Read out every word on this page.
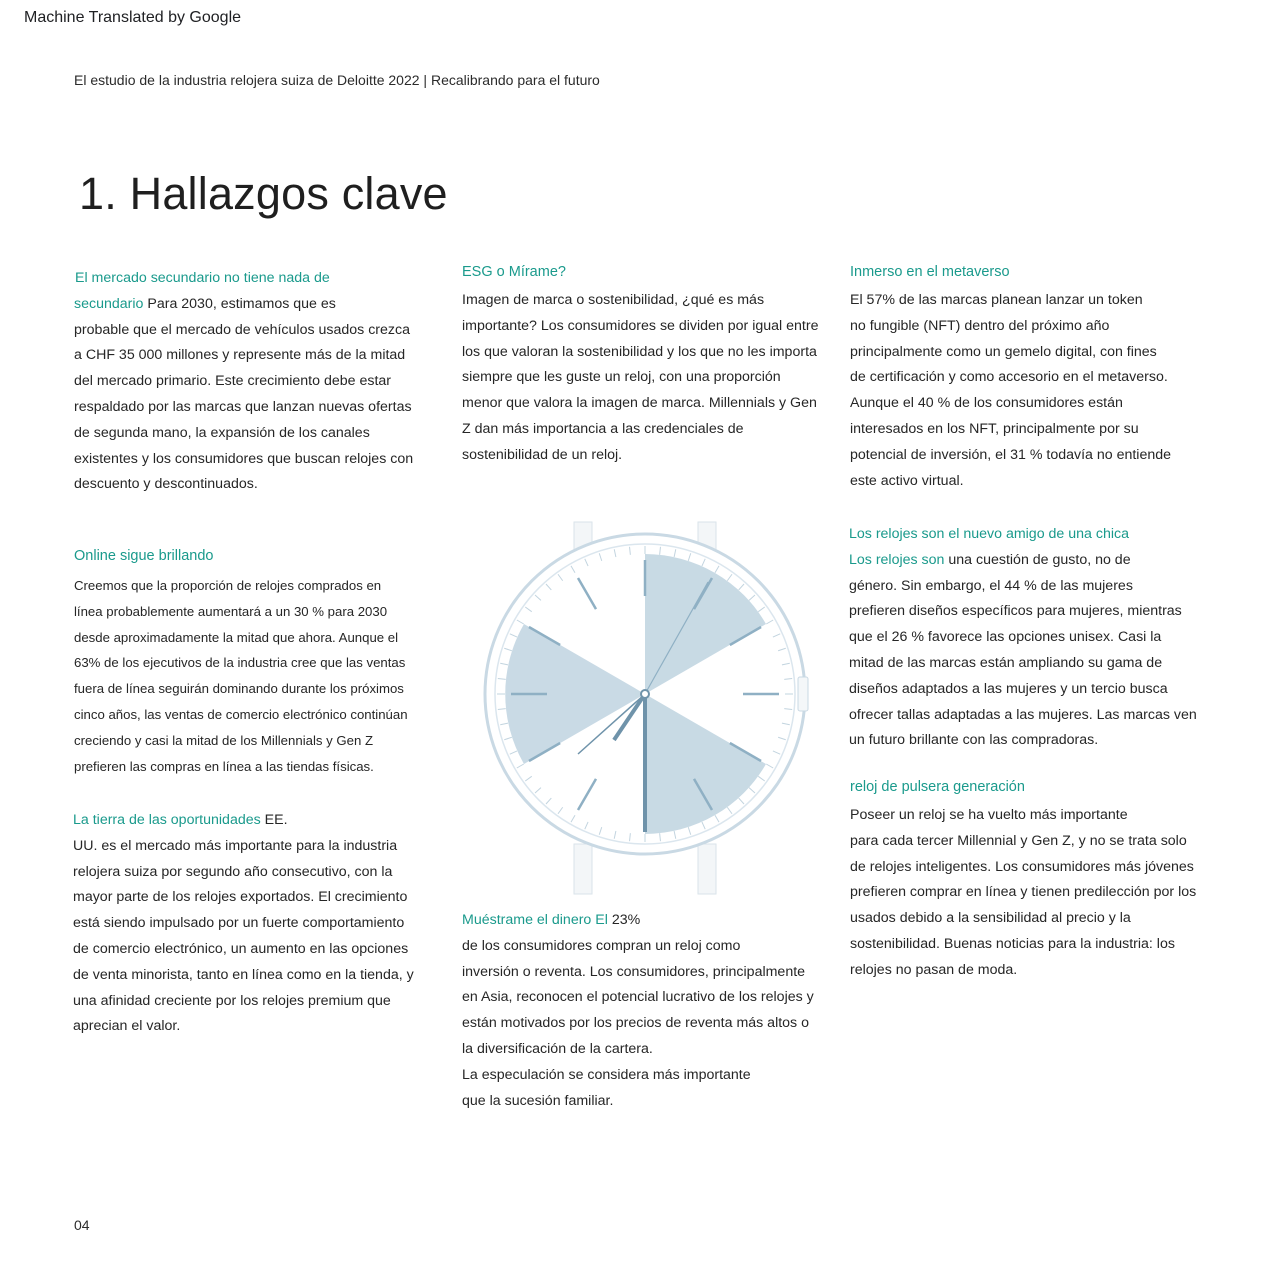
Machine Translated by Google
El estudio de la industria relojera suiza de Deloitte 2022 | Recalibrando para el futuro
1. Hallazgos clave
El mercado secundario no tiene nada de
secundario Para 2030, estimamos que es
probable que el mercado de vehículos usados crezca
a CHF 35 000 millones y represente más de la mitad
del mercado primario. Este crecimiento debe estar
respaldado por las marcas que lanzan nuevas ofertas
de segunda mano, la expansión de los canales
existentes y los consumidores que buscan relojes con
descuento y descontinuados.
Online sigue brillando
Creemos que la proporción de relojes comprados en
línea probablemente aumentará a un 30 % para 2030
desde aproximadamente la mitad que ahora. Aunque el
63% de los ejecutivos de la industria cree que las ventas
fuera de línea seguirán dominando durante los próximos
cinco años, las ventas de comercio electrónico continúan
creciendo y casi la mitad de los Millennials y Gen Z
prefieren las compras en línea a las tiendas físicas.
La tierra de las oportunidades EE.
UU. es el mercado más importante para la industria
relojera suiza por segundo año consecutivo, con la
mayor parte de los relojes exportados. El crecimiento
está siendo impulsado por un fuerte comportamiento
de comercio electrónico, un aumento en las opciones
de venta minorista, tanto en línea como en la tienda, y
una afinidad creciente por los relojes premium que
aprecian el valor.
ESG o Mírame?
Imagen de marca o sostenibilidad, ¿qué es más
importante? Los consumidores se dividen por igual entre
los que valoran la sostenibilidad y los que no les importa
siempre que les guste un reloj, con una proporción
menor que valora la imagen de marca. Millennials y Gen
Z dan más importancia a las credenciales de
sostenibilidad de un reloj.
Muéstrame el dinero El 23%
de los consumidores compran un reloj como
inversión o reventa. Los consumidores, principalmente
en Asia, reconocen el potencial lucrativo de los relojes y
están motivados por los precios de reventa más altos o
la diversificación de la cartera.
La especulación se considera más importante
que la sucesión familiar.
Inmerso en el metaverso
El 57% de las marcas planean lanzar un token
no fungible (NFT) dentro del próximo año
principalmente como un gemelo digital, con fines
de certificación y como accesorio en el metaverso.
Aunque el 40 % de los consumidores están
interesados en los NFT, principalmente por su
potencial de inversión, el 31 % todavía no entiende
este activo virtual.
Los relojes son el nuevo amigo de una chica
Los relojes son una cuestión de gusto, no de
género. Sin embargo, el 44 % de las mujeres
prefieren diseños específicos para mujeres, mientras
que el 26 % favorece las opciones unisex. Casi la
mitad de las marcas están ampliando su gama de
diseños adaptados a las mujeres y un tercio busca
ofrecer tallas adaptadas a las mujeres. Las marcas ven
un futuro brillante con las compradoras.
reloj de pulsera generación
Poseer un reloj se ha vuelto más importante
para cada tercer Millennial y Gen Z, y no se trata solo
de relojes inteligentes. Los consumidores más jóvenes
prefieren comprar en línea y tienen predilección por los
usados debido a la sensibilidad al precio y la
sostenibilidad. Buenas noticias para la industria: los
relojes no pasan de moda.
04
